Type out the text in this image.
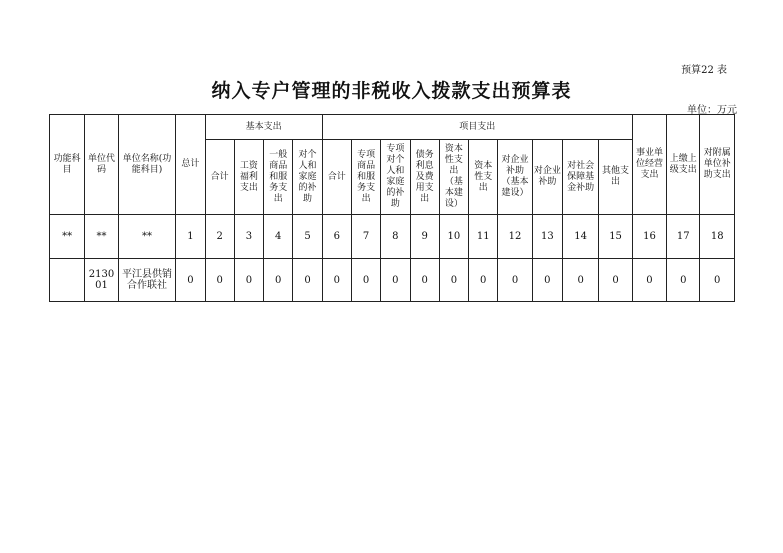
预算22 表
纳入专户管理的非税收入拨款支出预算表
单位：万元
功能科目	单位代码	单位名称(功能科目)	总计	基本支出				项目支出										事业单位经营支出	上缴上级支出	对附属单位补助支出
				合计	工资福利支出	一般商品和服务支出	对个人和家庭的补助	合计	专项商品和服务支出	专项对个人和家庭的补助	债务利息及费用支出	资本性支出（基本建设）	资本性支出	对企业补助（基本建设）	对企业补助	对社会保障基金补助	其他支出			
**	**	**	1	2	3	4	5	6	7	8	9	10	11	12	13	14	15	16	17	18
	213001	平江县供销合作联社	0	0	0	0	0	0	0	0	0	0	0	0	0	0	0	0	0	0
